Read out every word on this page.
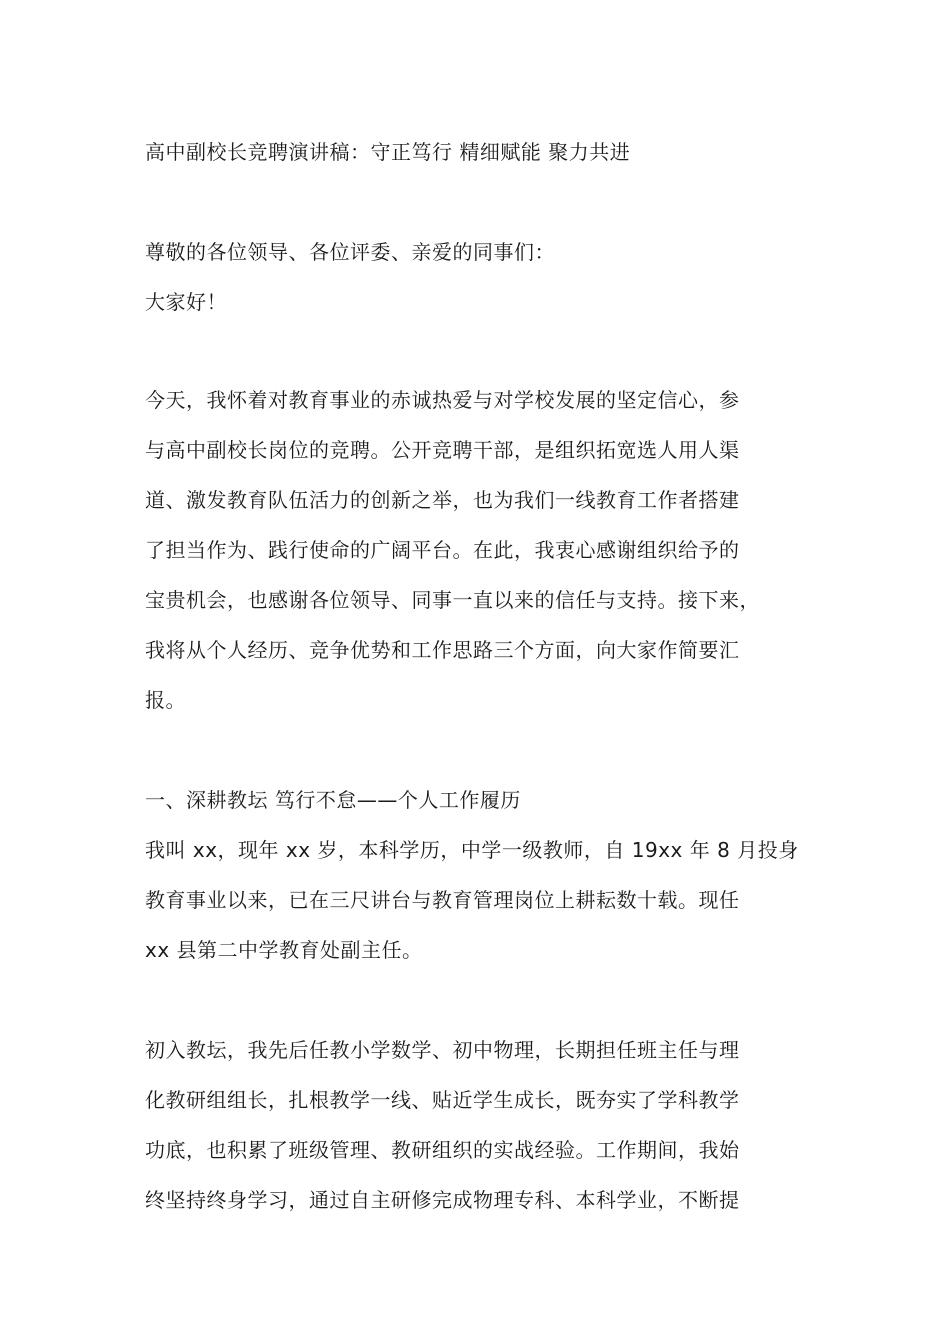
高中副校长竞聘演讲稿：守正笃行 精细赋能 聚力共进
尊敬的各位领导、各位评委、亲爱的同事们：
大家好！
今天，我怀着对教育事业的赤诚热爱与对学校发展的坚定信心，参
与高中副校长岗位的竞聘。公开竞聘干部，是组织拓宽选人用人渠
道、激发教育队伍活力的创新之举，也为我们一线教育工作者搭建
了担当作为、践行使命的广阔平台。在此，我衷心感谢组织给予的
宝贵机会，也感谢各位领导、同事一直以来的信任与支持。接下来，
我将从个人经历、竞争优势和工作思路三个方面，向大家作简要汇
报。
一、深耕教坛 笃行不怠——个人工作履历
我叫 xx，现年 xx 岁，本科学历，中学一级教师，自 19xx 年 8 月投身
教育事业以来，已在三尺讲台与教育管理岗位上耕耘数十载。现任
xx 县第二中学教育处副主任。
初入教坛，我先后任教小学数学、初中物理，长期担任班主任与理
化教研组组长，扎根教学一线、贴近学生成长，既夯实了学科教学
功底，也积累了班级管理、教研组织的实战经验。工作期间，我始
终坚持终身学习，通过自主研修完成物理专科、本科学业，不断提
